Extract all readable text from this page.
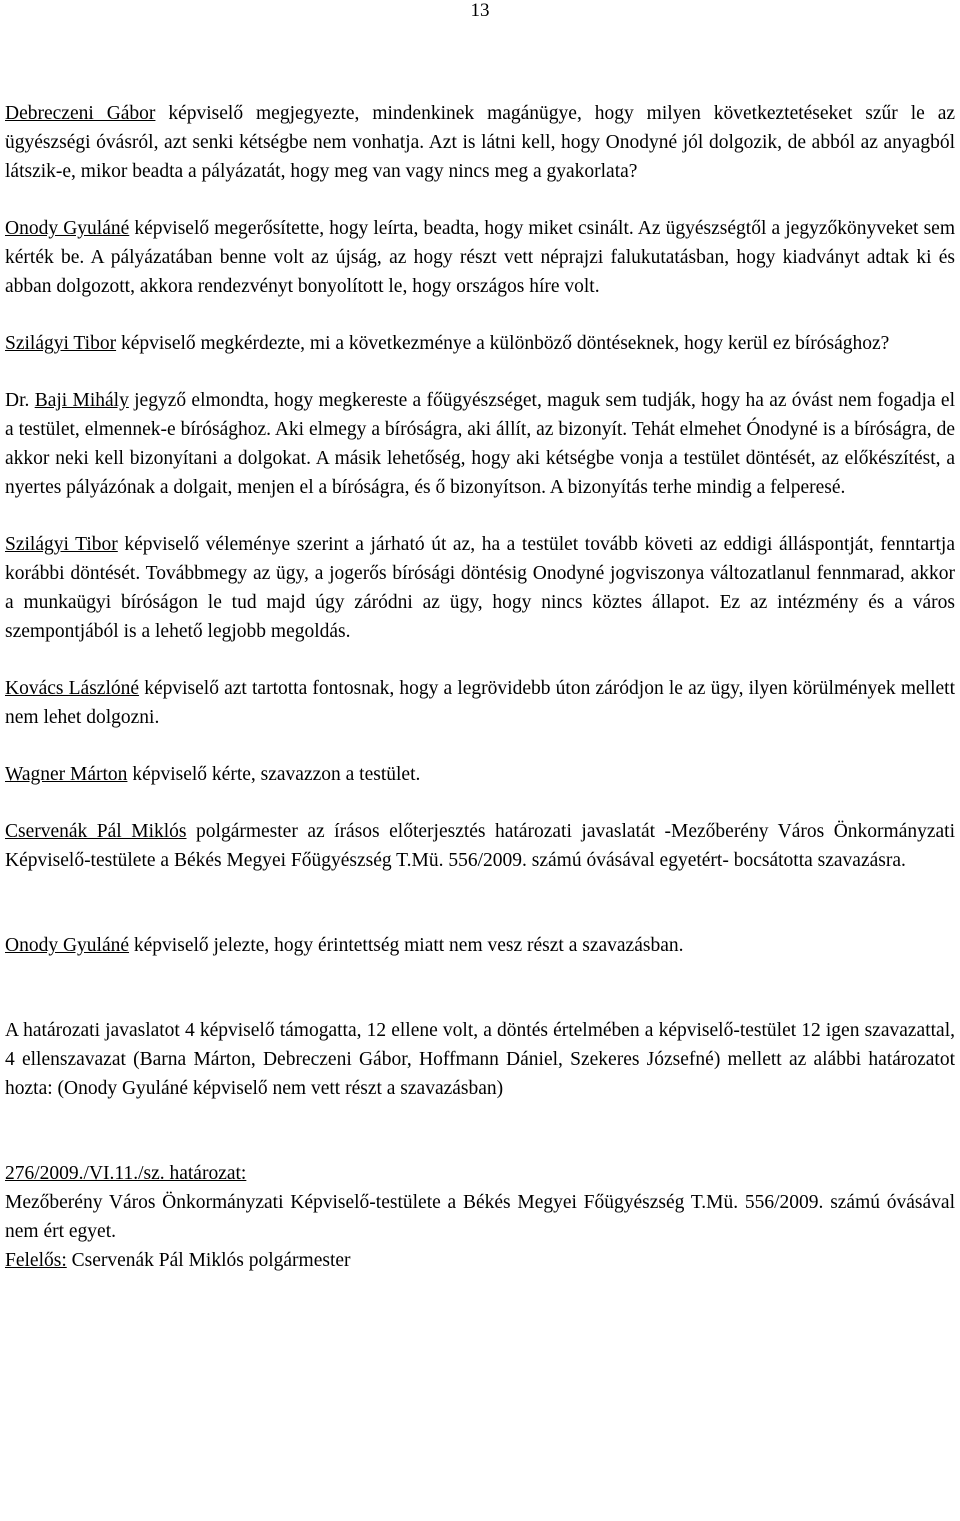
13

Debreczeni Gábor képviselő megjegyezte, mindenkinek magánügye, hogy milyen következtetéseket szűr le az ügyészségi óvásról, azt senki kétségbe nem vonhatja. Azt is látni kell, hogy Onodyné jól dolgozik, de abból az anyagból látszik-e, mikor beadta a pályázatát, hogy meg van vagy nincs meg a gyakorlata?

Onody Gyuláné képviselő megerősítette, hogy leírta, beadta, hogy miket csinált. Az ügyészségtől a jegyzőkönyveket sem kérték be. A pályázatában benne volt az újság, az hogy részt vett néprajzi falukutatásban, hogy kiadványt adtak ki és abban dolgozott, akkora rendezvényt bonyolított le, hogy országos híre volt.

Szilágyi Tibor képviselő megkérdezte, mi a következménye a különböző döntéseknek, hogy kerül ez bírósághoz?

Dr. Baji Mihály jegyző elmondta, hogy megkereste a főügyészséget, maguk sem tudják, hogy ha az óvást nem fogadja el a testület, elmennek-e bírósághoz. Aki elmegy a bíróságra, aki állít, az bizonyít. Tehát elmehet Ónodyné is a bíróságra, de akkor neki kell bizonyítani a dolgokat. A másik lehetőség, hogy aki kétségbe vonja a testület döntését, az előkészítést, a nyertes pályázónak a dolgait, menjen el a bíróságra, és ő bizonyítson. A bizonyítás terhe mindig a felperesé.

Szilágyi Tibor képviselő véleménye szerint a járható út az, ha a testület tovább követi az eddigi álláspontját, fenntartja korábbi döntését. Továbbmegy az ügy, a jogerős bírósági döntésig Onodyné jogviszonya változatlanul fennmarad, akkor a munkaügyi bíróságon le tud majd úgy záródni az ügy, hogy nincs köztes állapot. Ez az intézmény és a város szempontjából is a lehető legjobb megoldás.

Kovács Lászlóné képviselő azt tartotta fontosnak, hogy a legrövidebb úton záródjon le az ügy, ilyen körülmények mellett nem lehet dolgozni.

Wagner Márton képviselő kérte, szavazzon a testület.

Cservenák Pál Miklós polgármester az írásos előterjesztés határozati javaslatát -Mezőberény Város Önkormányzati Képviselő-testülete a Békés Megyei Főügyészség T.Mü. 556/2009. számú óvásával egyetért- bocsátotta szavazásra.

Onody Gyuláné képviselő jelezte, hogy érintettség miatt nem vesz részt a szavazásban.

A határozati javaslatot 4 képviselő támogatta, 12 ellene volt, a döntés értelmében a képviselő-testület 12 igen szavazattal, 4 ellenszavazat (Barna Márton, Debreczeni Gábor, Hoffmann Dániel, Szekeres Józsefné) mellett az alábbi határozatot hozta: (Onody Gyuláné képviselő nem vett részt a szavazásban)

276/2009./VI.11./sz. határozat:

Mezőberény Város Önkormányzati Képviselő-testülete a Békés Megyei Főügyészség T.Mü. 556/2009. számú óvásával nem ért egyet.

Felelős: Cservenák Pál Miklós polgármester
